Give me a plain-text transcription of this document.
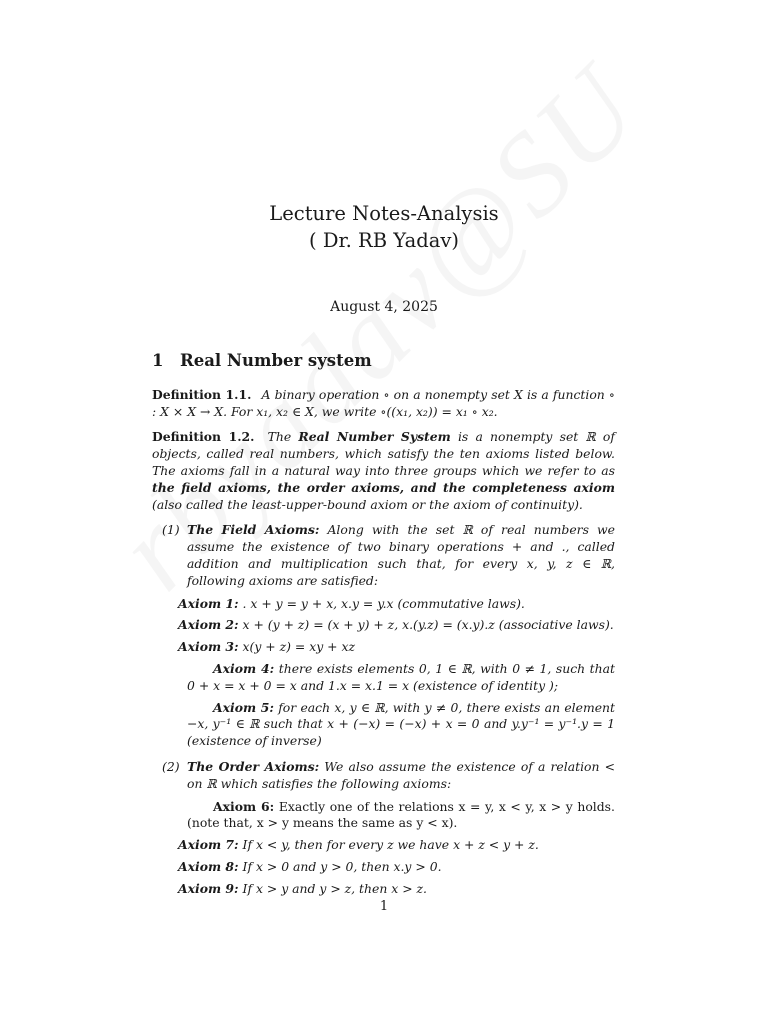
Lecture Notes-Analysis
( Dr. RB Yadav)
August 4, 2025
1 Real Number system

Definition 1.1. A binary operation ∘ on a nonempty set X is a function ∘ : X × X → X. For x₁, x₂ ∈ X, we write ∘((x₁, x₂)) = x₁ ∘ x₂.

Definition 1.2. The Real Number System is a nonempty set ℝ of objects, called real numbers, which satisfy the ten axioms listed below. The axioms fall in a natural way into three groups which we refer to as the field axioms, the order axioms, and the completeness axiom (also called the least-upper-bound axiom or the axiom of continuity).

(1) The Field Axioms: Along with the set ℝ of real numbers we assume the existence of two binary operations + and ., called addition and multiplication such that, for every x, y, z ∈ ℝ, following axioms are satisfied:
Axiom 1: . x + y = y + x, x.y = y.x (commutative laws).
Axiom 2: x + (y + z) = (x + y) + z, x.(y.z) = (x.y).z (associative laws).
Axiom 3: x(y + z) = xy + xz
Axiom 4: there exists elements 0, 1 ∈ ℝ, with 0 ≠ 1, such that 0 + x = x + 0 = x and 1.x = x.1 = x (existence of identity );
Axiom 5: for each x, y ∈ ℝ, with y ≠ 0, there exists an element −x, y⁻¹ ∈ ℝ such that x + (−x) = (−x) + x = 0 and y.y⁻¹ = y⁻¹.y = 1 (existence of inverse)
(2) The Order Axioms: We also assume the existence of a relation < on ℝ which satisfies the following axioms:
Axiom 6: Exactly one of the relations x = y, x < y, x > y holds. (note that, x > y means the same as y < x).
Axiom 7: If x < y, then for every z we have x + z < y + z.
Axiom 8: If x > 0 and y > 0, then x.y > 0.
Axiom 9: If x > y and y > z, then x > z.
1
